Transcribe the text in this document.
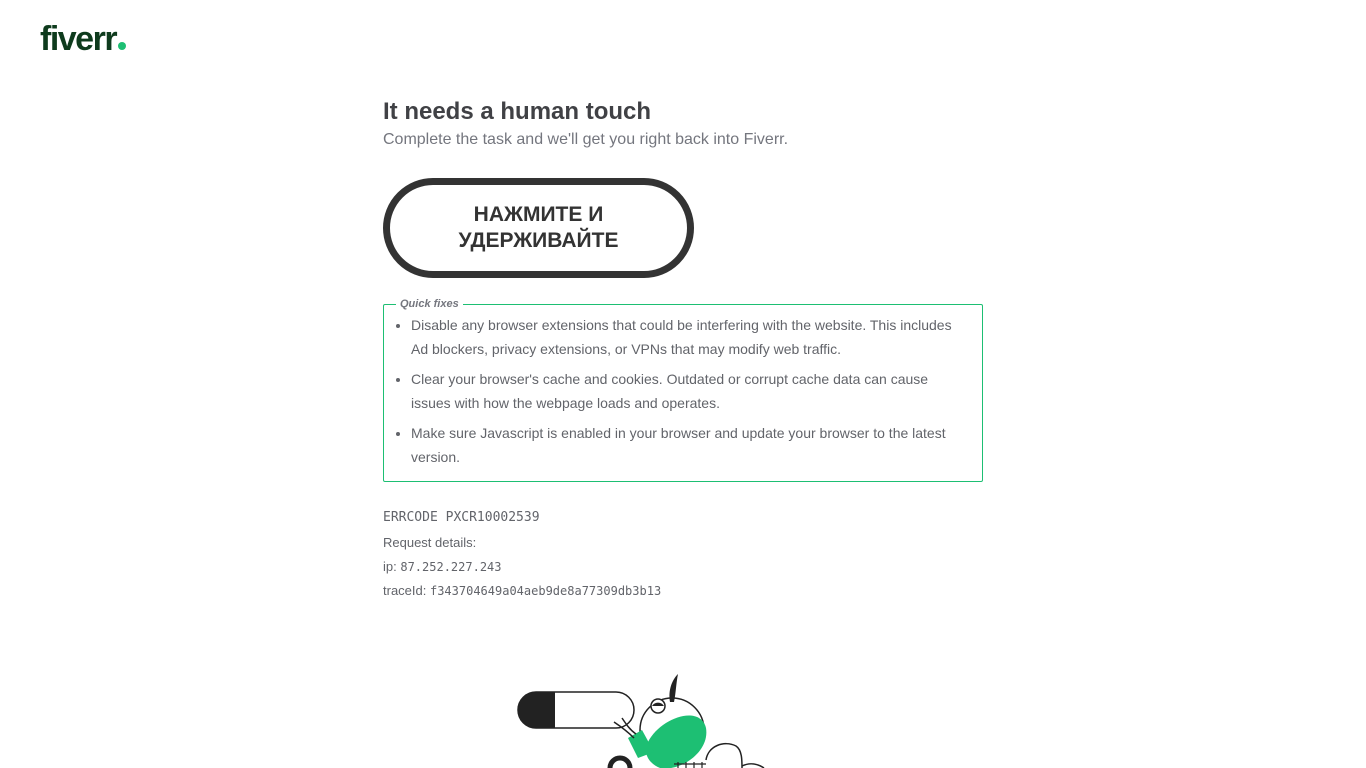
fiverr
It needs a human touch

Complete the task and we'll get you right back into Fiverr.

НАЖМИТЕ И УДЕРЖИВАЙТЕ
Quick fixes
• Disable any browser extensions that could be interfering with the website. This includes Ad blockers, privacy extensions, or VPNs that may modify web traffic.
• Clear your browser's cache and cookies. Outdated or corrupt cache data can cause issues with how the webpage loads and operates.
• Make sure Javascript is enabled in your browser and update your browser to the latest version.
ERRCODE PXCR10002539
Request details:
ip: 87.252.227.243
traceId: f343704649a04aeb9de8a77309db3b13
